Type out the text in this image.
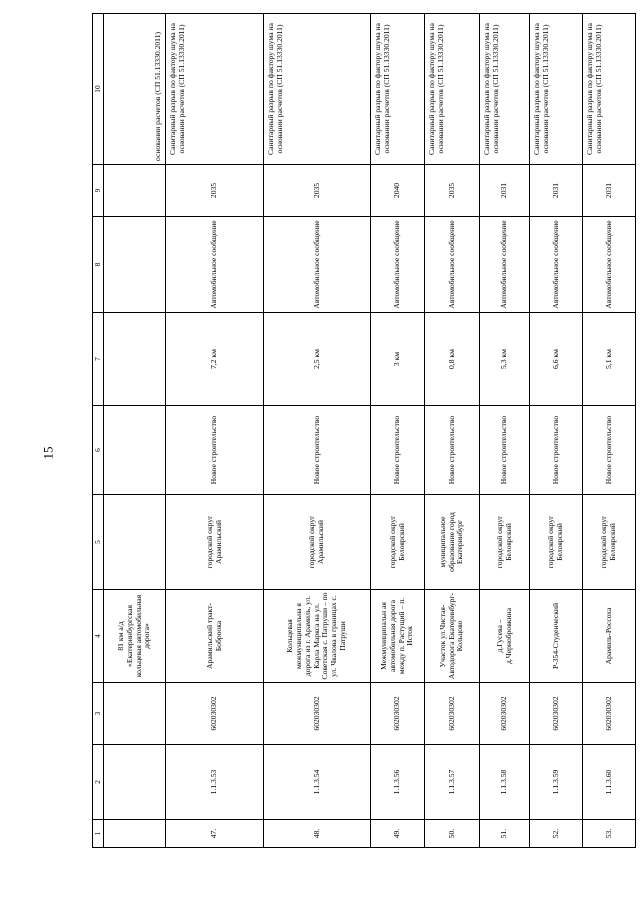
15
1	2	3	4	5	6	7	8	9	10
			81 км а/д «Екатеринбургская кольцевая автомобильная дорога»						основании расчетов (СП 51.13330.2011)
47.	1.1.3.53	602030302	Арамильский тракт-Боброока	городской округ Арамильский	Новое строительство	7,2 км	Автомобильное сообщение	2035	Санитарный разрыв по фактору шума на основании расчетов (СП 51.13330.2011)
48.	1.1.3.54	602030302	Кольцевая межмуниципальна я дорога из г. Арамиль, ул. Карла Маркса на ул. Советская с. Патруши – по ул. Чкалова в границах с. Патруши	городской округ Арамильский	Новое строительство	2,5 км	Автомобильное сообщение	2035	Санитарный разрыв по фактору шума на основании расчетов (СП 51.13330.2011)
49.	1.1.3.56	602030302	Межмуниципальн ая автомобильная дорога между п. Растущий – п. Исток	городской округ Белоярский	Новое строительство	3 км	Автомобильное сообщение	2040	Санитарный разрыв по фактору шума на основании расчетов (СП 51.13330.2011)
50.	1.1.3.57	602030302	Участок ул.Чистая-Автодорога Екатеринбург-Кольцово	муниципальное образование город Екатеринбург	Новое строительство	0,8 км	Автомобильное сообщение	2035	Санитарный разрыв по фактору шума на основании расчетов (СП 51.13330.2011)
51.	1.1.3.58	602030302	д.Гусева – д.Чернобровкина	городской округ Белоярский	Новое строительство	5,3 км	Автомобильное сообщение	2031	Санитарный разрыв по фактору шума на основании расчетов (СП 51.13330.2011)
52.	1.1.3.59	602030302	Р-354-Студенческий	городской округ Белоярский	Новое строительство	6,6 км	Автомобильное сообщение	2031	Санитарный разрыв по фактору шума на основании расчетов (СП 51.13330.2011)
53.	1.1.3.60	602030302	Арамиль-Россоха	городской округ Белоярский	Новое строительство	5,1 км	Автомобильное сообщение	2031	Санитарный разрыв по фактору шума на основании расчетов (СП 51.13330.2011)
